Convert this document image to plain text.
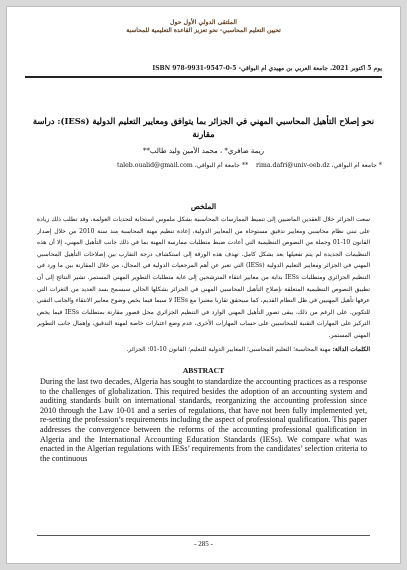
الملتقى الدولي الأول حول
تحيين التعليم المحاسبي- نحو تعزيز القاعدة التعليمية للمحاسبة
يوم 5 أكتوبر 2021، جامعة العربي بن مهيدي أم البواقي- ISBN 978-9931-9547-0-5
نحو إصلاح التأهيل المحاسبي المهني في الجزائر بما يتوافق ومعايير التعليم الدولية (IESs): دراسة مقارنة
ريمة ضافري* ، محمد الأمين وليد طالب**
* جامعة أم البواقي، rima.dafri@univ-oeb.dz    ** جامعة أم البواقي، taleb.oualid@gmail.com
الملخص
سعت الجزائر خلال العقدين الماضيين إلى تنميط الممارسات المحاسبية بشكل ملموس استجابة لتحديات العولمة، وقد تطلب ذلك زيادة على تبني نظام محاسبي ومعايير تدقيق مستوحاة من المعايير الدولية، إعادة تنظيم مهنة المحاسبة منذ سنة 2010 من خلال إصدار القانون 10-01 وجملة من النصوص التنظيمية التي أعادت ضبط متطلبات ممارسة المهنة بما في ذلك جانب التأهيل المهني، إلا أن هذه التنظيمات الجديدة لم يتم تفعيلها بعد بشكل كامل. تهدف هذه الورقة إلى استكشاف درجة التقارب بين إصلاحات التأهيل المحاسبي المهني في الجزائر ومعايير التعليم الدولية (IESs) التي تعبر عن أهم المرجعيات الدولية في المجال، من خلال المقارنة بين ما ورد في التنظيم الجزائري ومتطلبات IESs بداية من معايير انتقاء المترشحين إلى غاية متطلبات التطوير المهني المستمر. تشير النتائج إلى أن تطبيق النصوص التنظيمية المتعلقة بإصلاح التأهيل المحاسبي المهني في الجزائر بشكلها الحالي سيسمح بسد العديد من الثغرات التي عرفها تأهيل المهنيين في ظل النظام القديم، كما سيحقق تقاربا معتبرا مع IESs لا سيما فيما يخص وضوح معايير الانتقاء والجانب التقني للتكوين. على الرغم من ذلك، يبقى تصور التأهيل المهني الوارد في التنظيم الجزائري محل قصور مقارنة بمتطلبات IESs فيما يخص التركيز على المهارات التقنية للمحاسبين على حساب المهارات الأخرى، عدم وضع اعتبارات خاصة لمهنة التدقيق، وإهمال جانب التطوير المهني المستمر.
الكلمات الدالة: مهنة المحاسبة؛ التعليم المحاسبي؛ المعايير الدولية للتعليم؛ القانون 10-01؛ الجزائر.
ABSTRACT
During the last two decades, Algeria has sought to standardize the accounting practices as a response to the challenges of globalization. This required besides the adoption of an accounting system and auditing standards built on international standards, reorganizing the accounting profession since 2010 through the Law 10-01 and a series of regulations, that have not been fully implemented yet, re-setting the profession’s requirements including the aspect of professional qualification. This paper addresses the convergence between the reforms of the accounting professional qualification in Algeria and the International Accounting Education Standards (IESs). We compare what was enacted in the Algerian regulations with IESs’ requirements from the candidates’ selection criteria to the continuous
- 285 -
